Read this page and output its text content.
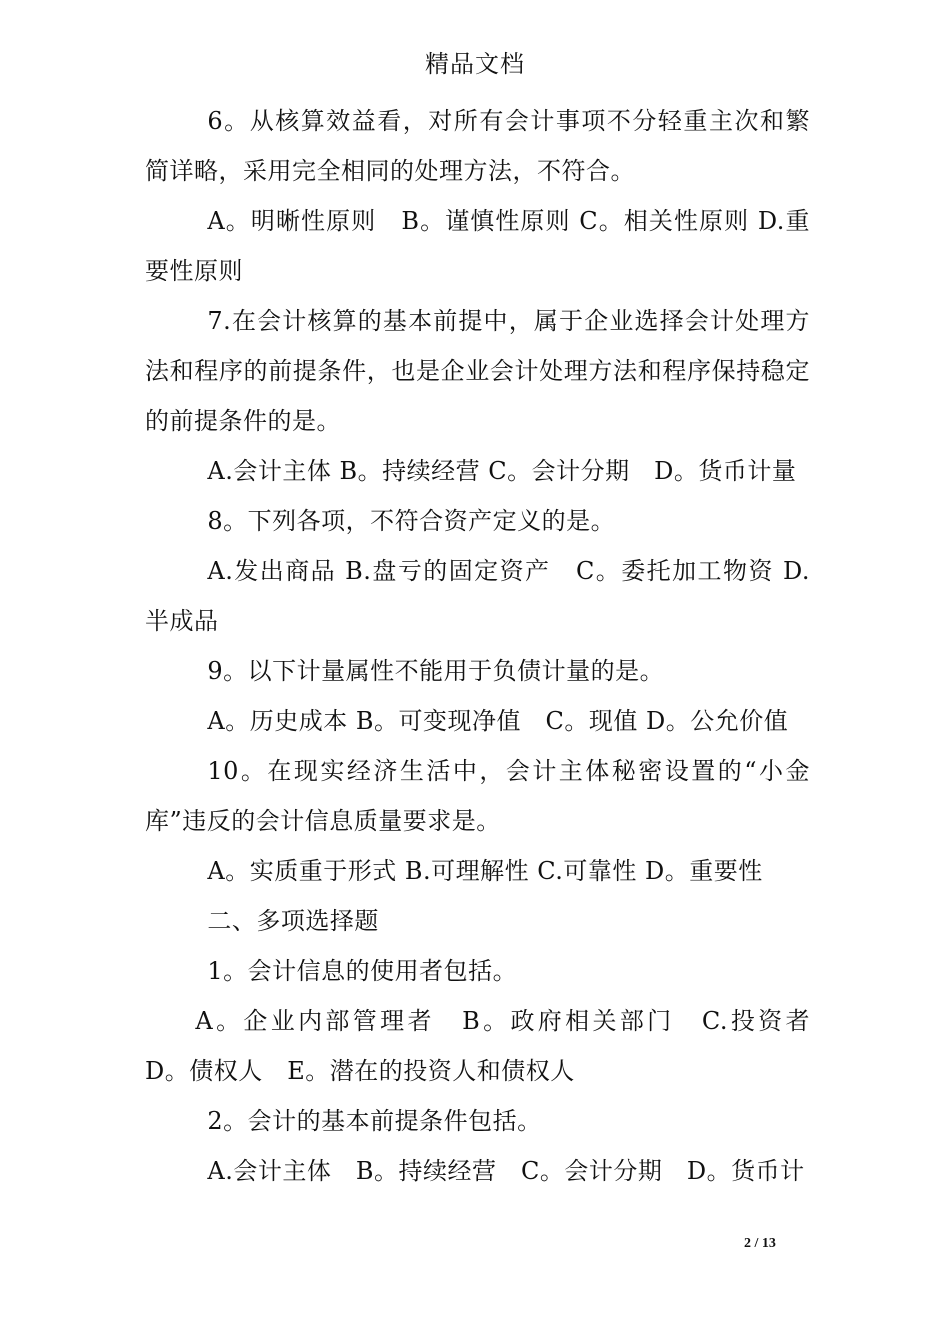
精品文档

6。从核算效益看，对所有会计事项不分轻重主次和繁简详略，采用完全相同的处理方法，不符合。

A。明晰性原则　B。谨慎性原则 C。相关性原则 D.重要性原则

7.在会计核算的基本前提中，属于企业选择会计处理方法和程序的前提条件，也是企业会计处理方法和程序保持稳定的前提条件的是。

A.会计主体 B。持续经营 C。会计分期　D。货币计量

8。下列各项，不符合资产定义的是。

A.发出商品 B.盘亏的固定资产　C。委托加工物资 D.半成品

9。以下计量属性不能用于负债计量的是。

A。历史成本 B。可变现净值　C。现值 D。公允价值

10。在现实经济生活中，会计主体秘密设置的“小金库”违反的会计信息质量要求是。

A。实质重于形式 B.可理解性 C.可靠性 D。重要性

二、多项选择题

1。会计信息的使用者包括。

A。企业内部管理者　B。政府相关部门　C.投资者　D。债权人　E。潜在的投资人和债权人

2。会计的基本前提条件包括。

A.会计主体　B。持续经营　C。会计分期　D。货币计

2 / 13
